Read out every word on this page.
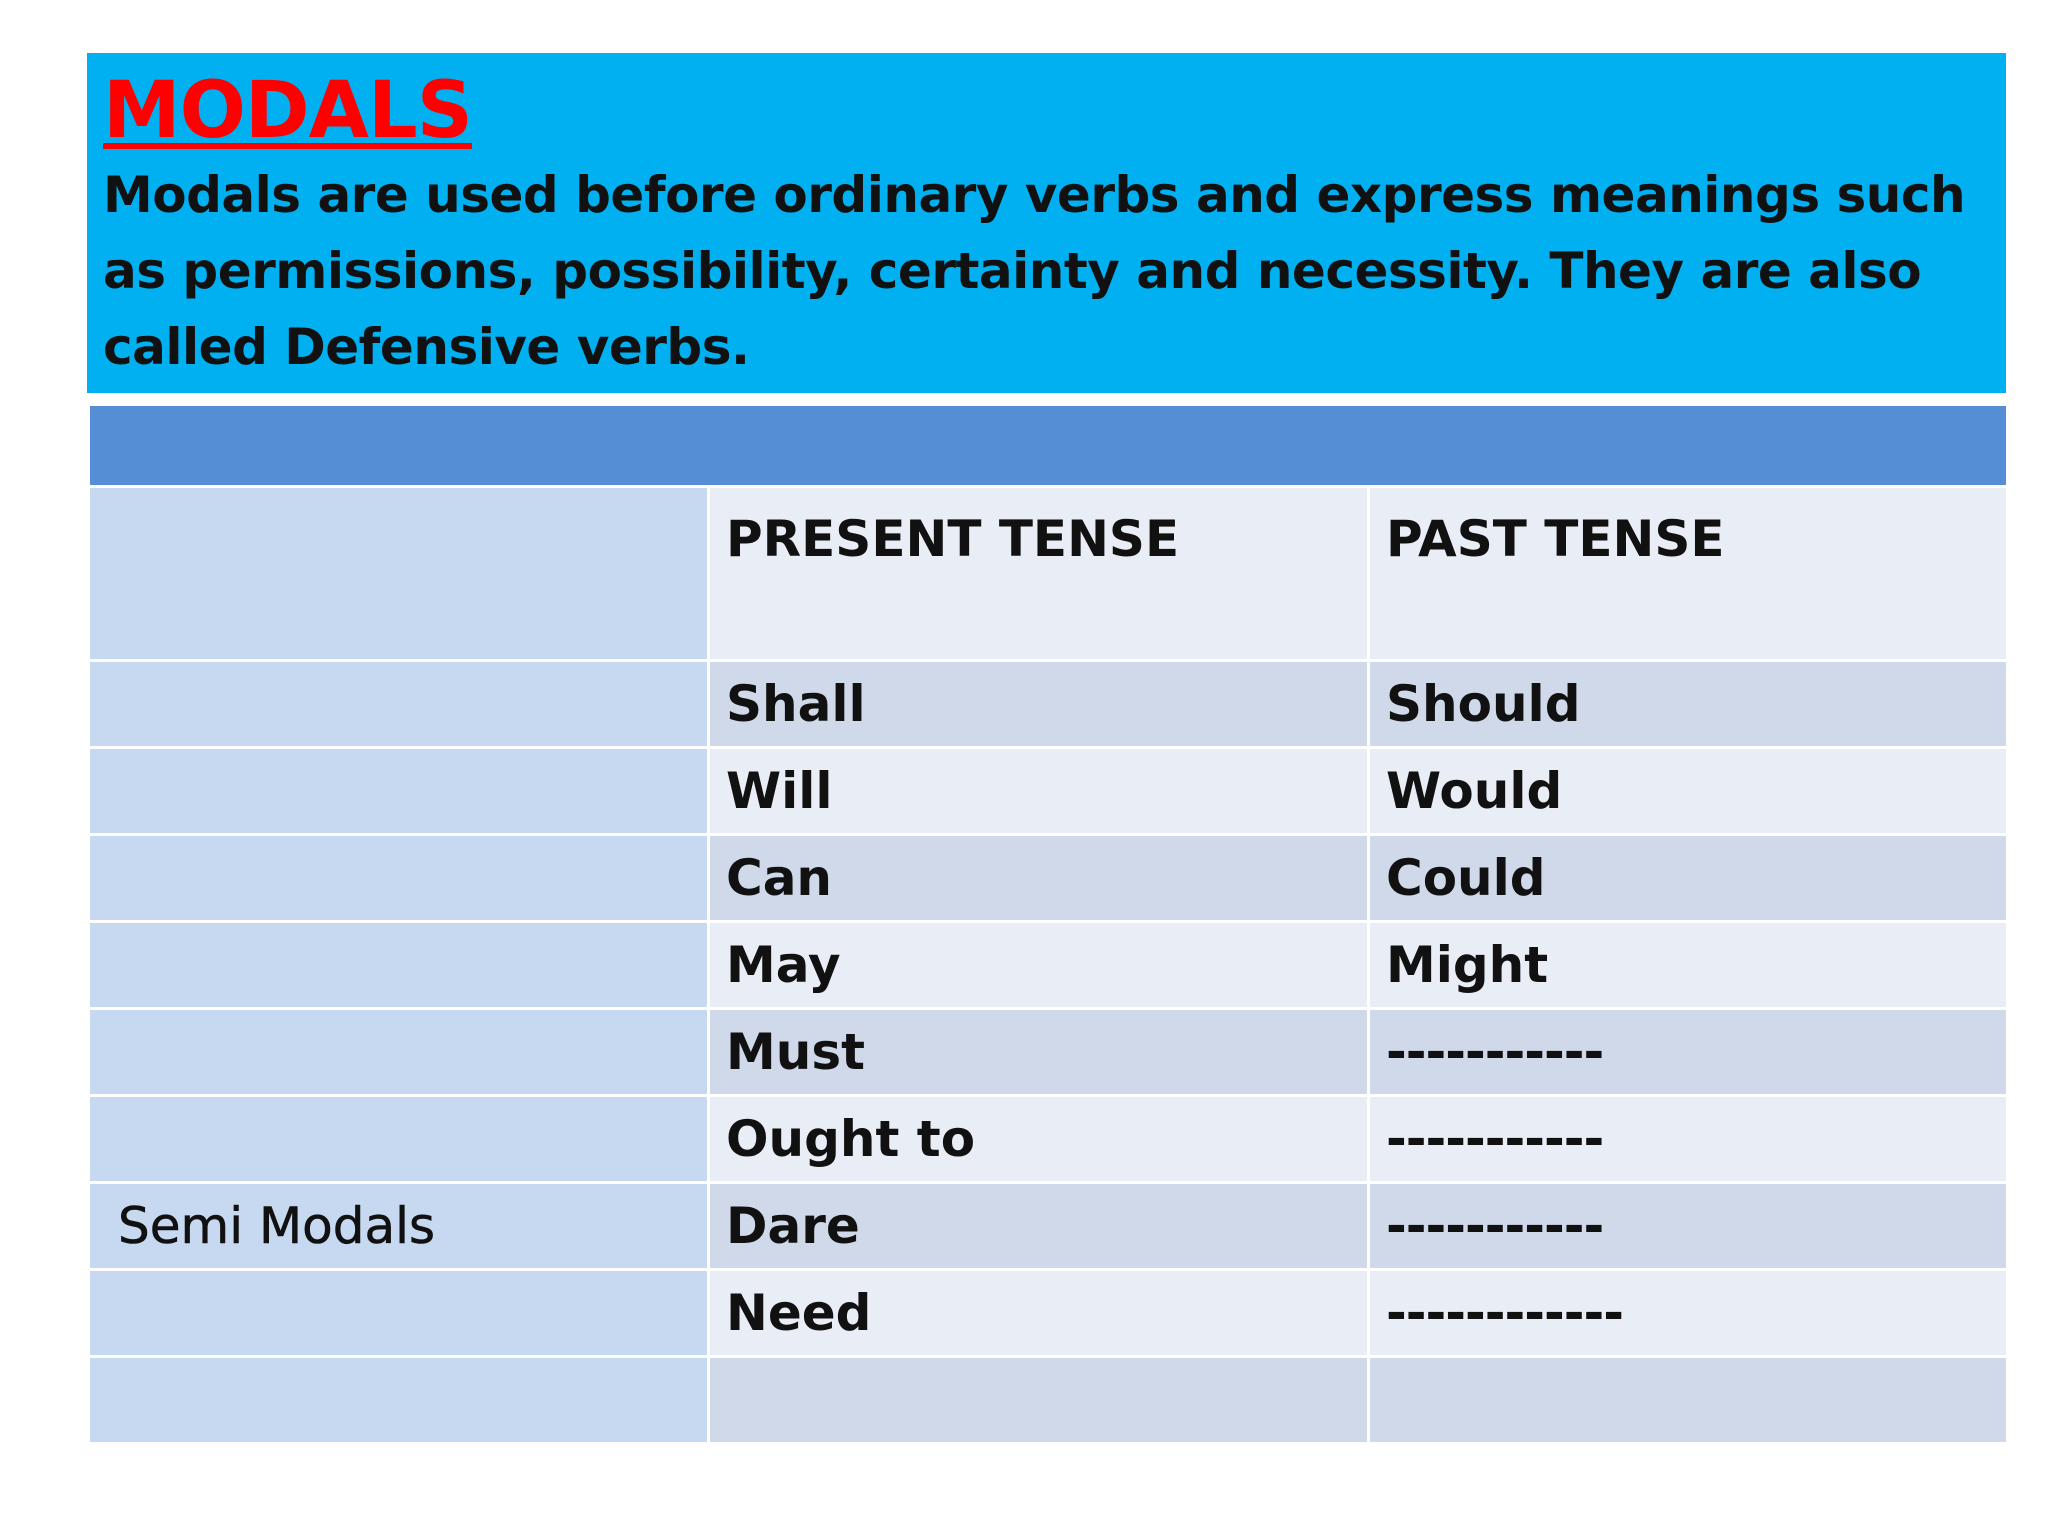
MODALS

Modals are used before ordinary verbs and express meanings such as permissions, possibility, certainty and necessity. They are also called Defensive verbs.

	PRESENT TENSE	PAST TENSE
	Shall	Should
	Will	Would
	Can	Could
	May	Might
	Must	-----------
	Ought to	-----------
Semi Modals	Dare	-----------
	Need	------------
